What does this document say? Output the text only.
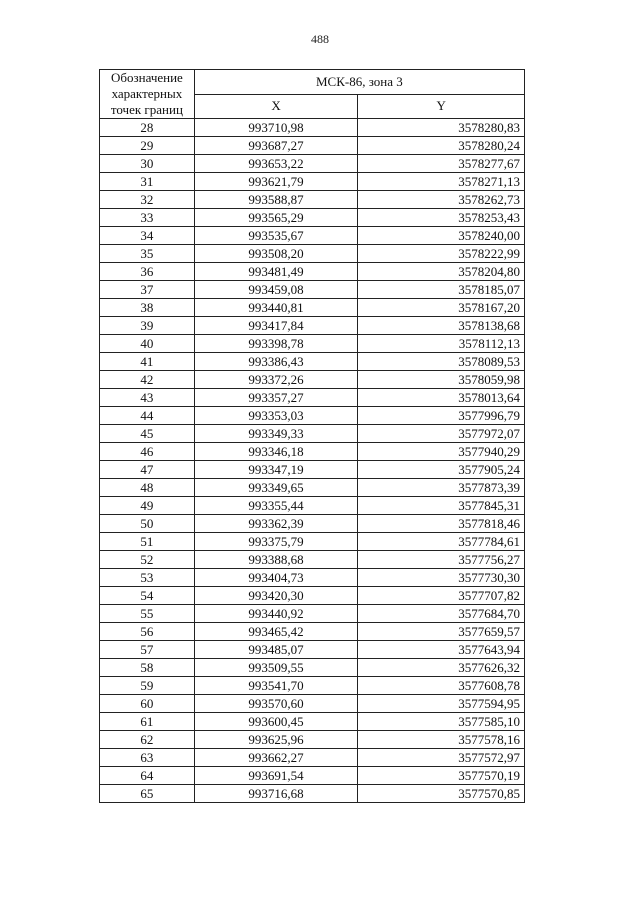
488
Обозначение
характерных
точек границ	МСК-86, зона 3	
	X	Y
28	993710,98	3578280,83
29	993687,27	3578280,24
30	993653,22	3578277,67
31	993621,79	3578271,13
32	993588,87	3578262,73
33	993565,29	3578253,43
34	993535,67	3578240,00
35	993508,20	3578222,99
36	993481,49	3578204,80
37	993459,08	3578185,07
38	993440,81	3578167,20
39	993417,84	3578138,68
40	993398,78	3578112,13
41	993386,43	3578089,53
42	993372,26	3578059,98
43	993357,27	3578013,64
44	993353,03	3577996,79
45	993349,33	3577972,07
46	993346,18	3577940,29
47	993347,19	3577905,24
48	993349,65	3577873,39
49	993355,44	3577845,31
50	993362,39	3577818,46
51	993375,79	3577784,61
52	993388,68	3577756,27
53	993404,73	3577730,30
54	993420,30	3577707,82
55	993440,92	3577684,70
56	993465,42	3577659,57
57	993485,07	3577643,94
58	993509,55	3577626,32
59	993541,70	3577608,78
60	993570,60	3577594,95
61	993600,45	3577585,10
62	993625,96	3577578,16
63	993662,27	3577572,97
64	993691,54	3577570,19
65	993716,68	3577570,85
